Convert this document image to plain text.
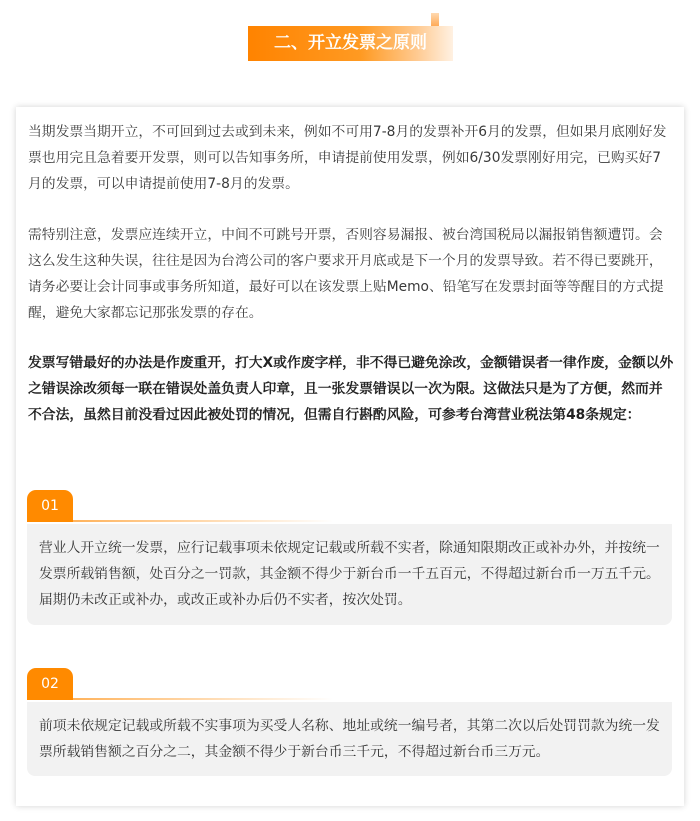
二、开立发票之原则

当期发票当期开立，不可回到过去或到未来，例如不可用7-8月的发票补开6月的发票，但如果月底刚好发票也用完且急着要开发票，则可以告知事务所，申请提前使用发票，例如6/30发票刚好用完，已购买好7月的发票，可以申请提前使用7-8月的发票。

需特别注意，发票应连续开立，中间不可跳号开票，否则容易漏报、被台湾国税局以漏报销售额遭罚。会这么发生这种失误，往往是因为台湾公司的客户要求开月底或是下一个月的发票导致。若不得已要跳开，请务必要让会计同事或事务所知道，最好可以在该发票上贴Memo、铅笔写在发票封面等等醒目的方式提醒，避免大家都忘记那张发票的存在。

发票写错最好的办法是作废重开，打大X或作废字样，非不得已避免涂改，金额错误者一律作废，金额以外之错误涂改须每一联在错误处盖负责人印章，且一张发票错误以一次为限。这做法只是为了方便，然而并不合法，虽然目前没看过因此被处罚的情况，但需自行斟酌风险，可参考台湾营业税法第48条规定：

01
营业人开立统一发票，应行记载事项未依规定记载或所载不实者，除通知限期改正或补办外，并按统一发票所载销售额，处百分之一罚款，其金额不得少于新台币一千五百元，不得超过新台币一万五千元。届期仍未改正或补办，或改正或补办后仍不实者，按次处罚。
02
前项未依规定记载或所载不实事项为买受人名称、地址或统一编号者，其第二次以后处罚罚款为统一发票所载销售额之百分之二，其金额不得少于新台币三千元，不得超过新台币三万元。
